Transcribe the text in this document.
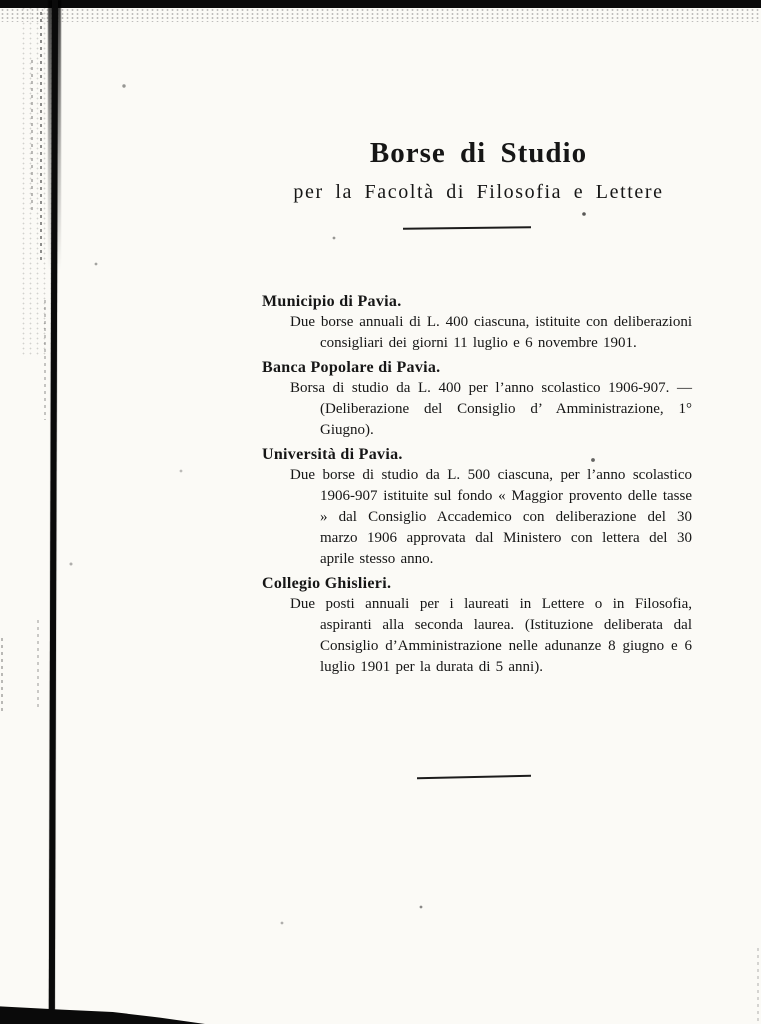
Borse di Studio
per la Facoltà di Filosofia e Lettere
Municipio di Pavia.

Due borse annuali di L. 400 ciascuna, istituite con deliberazioni consigliari dei giorni 11 luglio e 6 novembre 1901.

Banca Popolare di Pavia.

Borsa di studio da L. 400 per l’anno scolastico 1906-907. — (Deliberazione del Consiglio d’ Amministrazione, 1° Giugno).

Università di Pavia.

Due borse di studio da L. 500 ciascuna, per l’anno scolastico 1906-907 istituite sul fondo « Maggior provento delle tasse » dal Consiglio Accademico con deliberazione del 30 marzo 1906 approvata dal Ministero con lettera del 30 aprile stesso anno.

Collegio Ghislieri.

Due posti annuali per i laureati in Lettere o in Filosofia, aspiranti alla seconda laurea. (Istituzione deliberata dal Consiglio d’Amministrazione nelle adunanze 8 giugno e 6 luglio 1901 per la durata di 5 anni).
